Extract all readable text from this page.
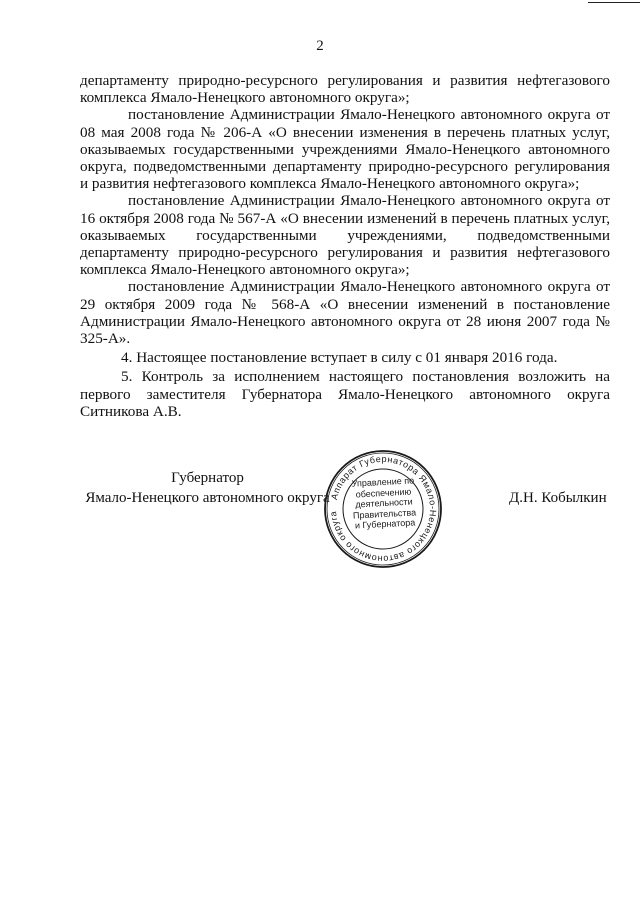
2

департаменту природно-ресурсного регулирования и развития нефтегазового комплекса Ямало-Ненецкого автономного округа»;

постановление Администрации Ямало-Ненецкого автономного округа от 08 мая 2008 года № 206-А «О внесении изменения в перечень платных услуг, оказываемых государственными учреждениями Ямало-Ненецкого автономного округа, подведомственными департаменту природно-ресурсного регулирования и развития нефтегазового комплекса Ямало-Ненецкого автономного округа»;

постановление Администрации Ямало-Ненецкого автономного округа от 16 октября 2008 года № 567-А «О внесении изменений в перечень платных услуг, оказываемых государственными учреждениями, подведомственными департаменту природно-ресурсного регулирования и развития нефтегазового комплекса Ямало-Ненецкого автономного округа»;

постановление Администрации Ямало-Ненецкого автономного округа от 29 октября 2009 года № 568-А «О внесении изменений в постановление Администрации Ямало-Ненецкого автономного округа от 28 июня 2007 года № 325-А».

4. Настоящее постановление вступает в силу с 01 января 2016 года.

5. Контроль за исполнением настоящего постановления возложить на первого заместителя Губернатора Ямало-Ненецкого автономного округа Ситникова А.В.

Губернатор
Ямало-Ненецкого автономного округа Аппарат Губернатора Ямало-Ненецкого автономного округа
Управление по
обеспечению
деятельности
Правительства
и Губернатора
Д.Н. Кобылкин
